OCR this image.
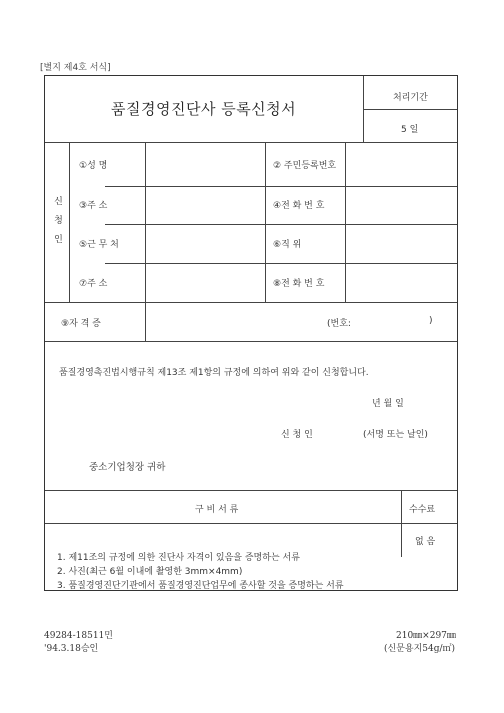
[별지 제4호 서식]
품질경영진단사 등록신청서
처리기간
5 일
신청인
①성 명	② 주민등록번호
③주 소	④전 화 번 호
⑤근 무 처	⑥직 위
⑦주 소	⑧전 화 번 호
⑨자 격 증	(번호:	)
품질경영촉진법시행규칙 제13조 제1항의 규정에 의하여 위와 같이 신청합니다.
년 월 일
신 청 인	(서명 또는 날인)
중소기업청장 귀하
구 비 서 류	수수료
없 음
1. 제11조의 규정에 의한 진단사 자격이 있음을 증명하는 서류
2. 사진(최근 6월 이내에 촬영한 3mm×4mm)
3. 품질경영진단기관에서 품질경영진단업무에 종사할 것을 증명하는 서류
49284-18511민
'94.3.18승인
210㎜×297㎜
(신문용지54g/㎡)
